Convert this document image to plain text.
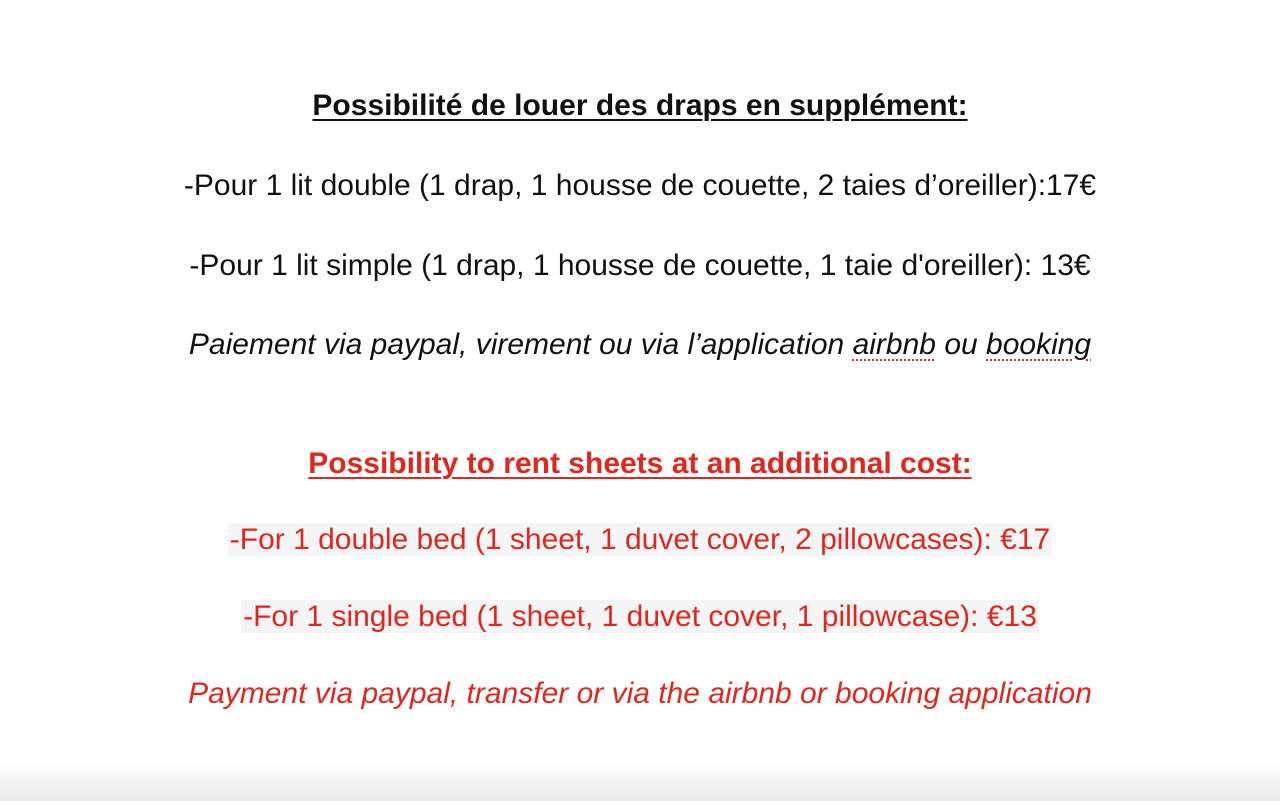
Possibilité de louer des draps en supplément:
-Pour 1 lit double (1 drap, 1 housse de couette, 2 taies d’oreiller):17€
-Pour 1 lit simple (1 drap, 1 housse de couette, 1 taie d'oreiller): 13€
Paiement via paypal, virement ou via l’application airbnb ou booking
Possibility to rent sheets at an additional cost:
-For 1 double bed (1 sheet, 1 duvet cover, 2 pillowcases): €17
-For 1 single bed (1 sheet, 1 duvet cover, 1 pillowcase): €13
Payment via paypal, transfer or via the airbnb or booking application
